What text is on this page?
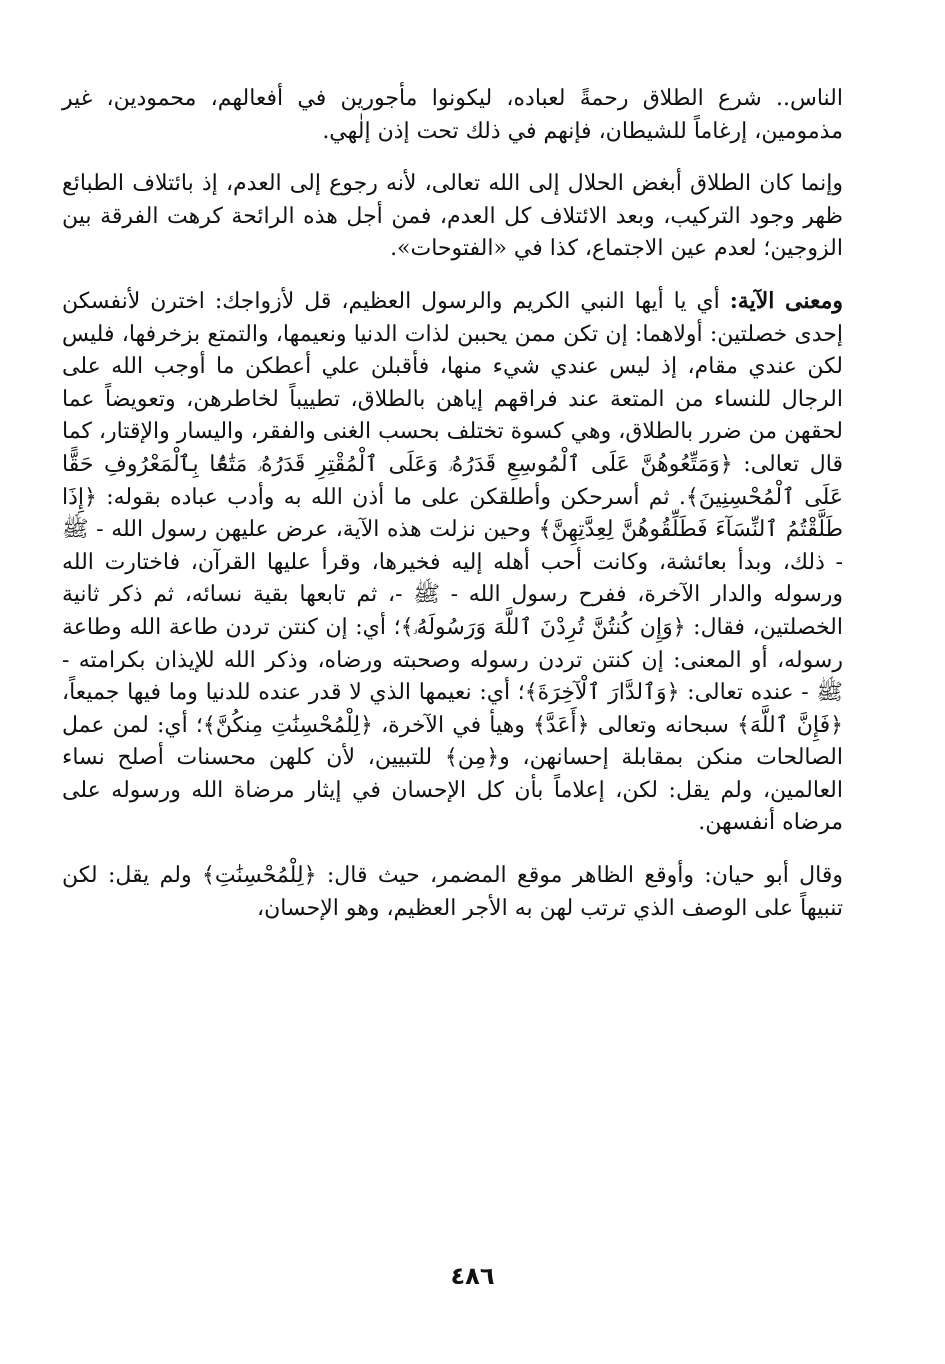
الناس.. شرع الطلاق رحمةً لعباده، ليكونوا مأجورين في أفعالهم، محمودين، غير مذمومين، إرغاماً للشيطان، فإنهم في ذلك تحت إذن إلٰهي.

وإنما كان الطلاق أبغض الحلال إلى الله تعالى، لأنه رجوع إلى العدم، إذ بائتلاف الطبائع ظهر وجود التركيب، وبعد الائتلاف كل العدم، فمن أجل هذه الرائحة كرهت الفرقة بين الزوجين؛ لعدم عين الاجتماع، كذا في «الفتوحات».

ومعنى الآية: أي يا أيها النبي الكريم والرسول العظيم، قل لأزواجك: اخترن لأنفسكن إحدى خصلتين: أولاهما: إن تكن ممن يحببن لذات الدنيا ونعيمها، والتمتع بزخرفها، فليس لكن عندي مقام، إذ ليس عندي شيء منها، فأقبلن علي أعطكن ما أوجب الله على الرجال للنساء من المتعة عند فراقهم إياهن بالطلاق، تطييباً لخاطرهن، وتعويضاً عما لحقهن من ضرر بالطلاق، وهي كسوة تختلف بحسب الغنى والفقر، واليسار والإقتار، كما قال تعالى: ﴿وَمَتِّعُوهُنَّ عَلَى ٱلْمُوسِعِ قَدَرُهُۥ وَعَلَى ٱلْمُقْتِرِ قَدَرُهُۥ مَتَٰعًۢا بِٱلْمَعْرُوفِ حَقًّا عَلَى ٱلْمُحْسِنِينَ﴾. ثم أسرحكن وأطلقكن على ما أذن الله به وأدب عباده بقوله: ﴿إِذَا طَلَّقْتُمُ ٱلنِّسَآءَ فَطَلِّقُوهُنَّ لِعِدَّتِهِنَّ﴾ وحين نزلت هذه الآية، عرض عليهن رسول الله - ﷺ - ذلك، وبدأ بعائشة، وكانت أحب أهله إليه فخيرها، وقرأ عليها القرآن، فاختارت الله ورسوله والدار الآخرة، ففرح رسول الله - ﷺ -، ثم تابعها بقية نسائه، ثم ذكر ثانية الخصلتين، فقال: ﴿وَإِن كُنتُنَّ تُرِدْنَ ٱللَّهَ وَرَسُولَهُۥ﴾؛ أي: إن كنتن تردن طاعة الله وطاعة رسوله، أو المعنى: إن كنتن تردن رسوله وصحبته ورضاه، وذكر الله للإيذان بكرامته - ﷺ - عنده تعالى: ﴿وَٱلدَّارَ ٱلْآخِرَةَ﴾؛ أي: نعيمها الذي لا قدر عنده للدنيا وما فيها جميعاً، ﴿فَإِنَّ ٱللَّهَ﴾ سبحانه وتعالى ﴿أَعَدَّ﴾ وهيأ في الآخرة، ﴿لِلْمُحْسِنَٰتِ مِنكُنَّ﴾؛ أي: لمن عمل الصالحات منكن بمقابلة إحسانهن، و﴿مِن﴾ للتبيين، لأن كلهن محسنات أصلح نساء العالمين، ولم يقل: لكن، إعلاماً بأن كل الإحسان في إيثار مرضاة الله ورسوله على مرضاه أنفسهن.

وقال أبو حيان: وأوقع الظاهر موقع المضمر، حيث قال: ﴿لِلْمُحْسِنَٰتِ﴾ ولم يقل: لكن تنبيهاً على الوصف الذي ترتب لهن به الأجر العظيم، وهو الإحسان،

٤٨٦
